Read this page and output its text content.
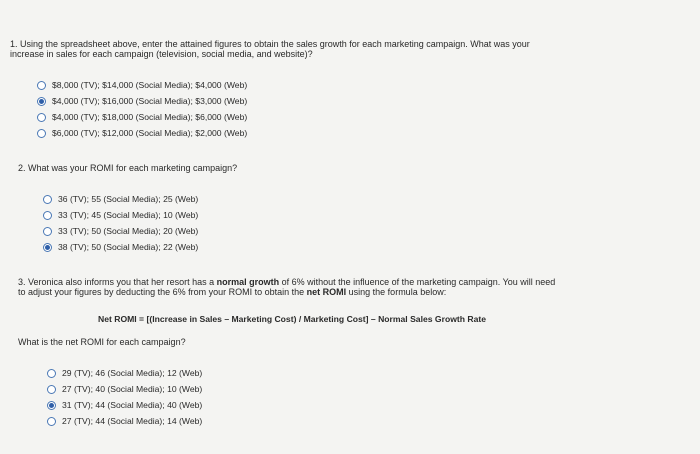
1. Using the spreadsheet above, enter the attained figures to obtain the sales growth for each marketing campaign. What was your
increase in sales for each campaign (television, social media, and website)?
$8,000 (TV); $14,000 (Social Media); $4,000 (Web)
$4,000 (TV); $16,000 (Social Media); $3,000 (Web)
$4,000 (TV); $18,000 (Social Media); $6,000 (Web)
$6,000 (TV); $12,000 (Social Media); $2,000 (Web)
2. What was your ROMI for each marketing campaign?
36 (TV); 55 (Social Media); 25 (Web)
33 (TV); 45 (Social Media); 10 (Web)
33 (TV); 50 (Social Media); 20 (Web)
38 (TV); 50 (Social Media); 22 (Web)
3. Veronica also informs you that her resort has a normal growth of 6% without the influence of the marketing campaign. You will need
to adjust your figures by deducting the 6% from your ROMI to obtain the net ROMI using the formula below:
Net ROMI = [(Increase in Sales – Marketing Cost) / Marketing Cost] – Normal Sales Growth Rate
What is the net ROMI for each campaign?
29 (TV); 46 (Social Media); 12 (Web)
27 (TV); 40 (Social Media); 10 (Web)
31 (TV); 44 (Social Media); 40 (Web)
27 (TV); 44 (Social Media); 14 (Web)
